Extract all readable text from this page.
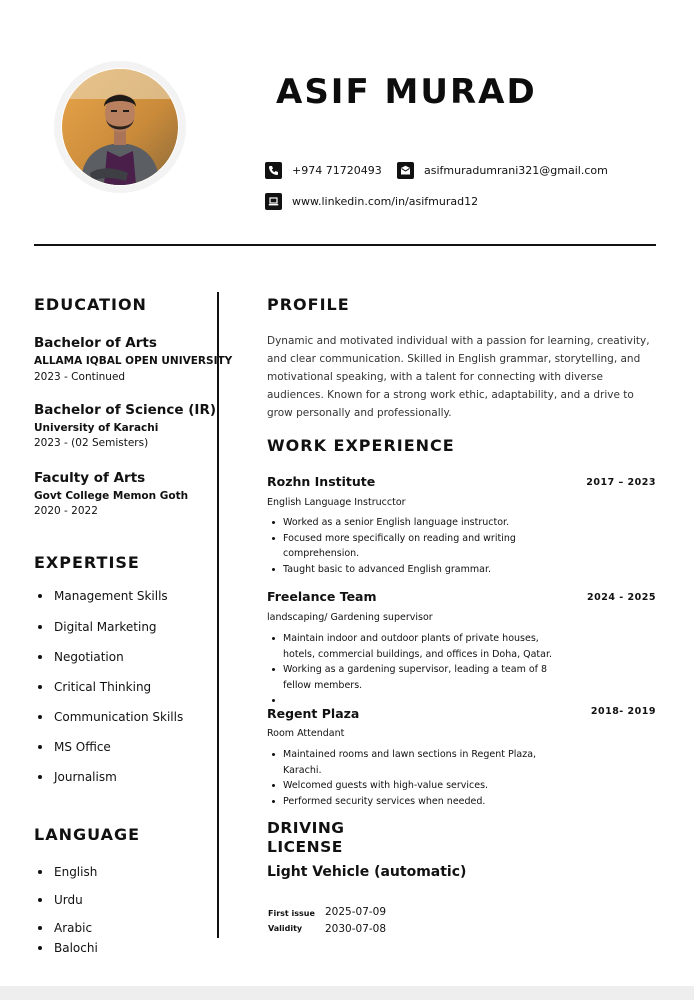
ASIF MURAD
+974 71720493	asifmuradumrani321@gmail.com
www.linkedin.com/in/asifmurad12
EDUCATION
Bachelor of Arts
ALLAMA IQBAL OPEN UNIVERSITY
2023 - Continued
Bachelor of Science (IR)
University of Karachi
2023 - (02 Semisters)
Faculty of Arts
Govt College Memon Goth
2020 - 2022
EXPERTISE
Management Skills
Digital Marketing
Negotiation
Critical Thinking
Communication Skills
MS Office
Journalism
LANGUAGE
English
Urdu
Arabic
Balochi
PROFILE

Dynamic and motivated individual with a passion for learning, creativity, and clear communication. Skilled in English grammar, storytelling, and motivational speaking, with a talent for connecting with diverse audiences. Known for a strong work ethic, adaptability, and a drive to grow personally and professionally.

WORK EXPERIENCE
Rozhn Institute	2017 – 2023
English Language Instrucctor
Worked as a senior English language instructor.
Focused more specifically on reading and writing comprehension.
Taught basic to advanced English grammar.
Freelance Team	2024 - 2025
landscaping/ Gardening supervisor
Maintain indoor and outdoor plants of private houses, hotels, commercial buildings, and offices in Doha, Qatar.
Working as a gardening supervisor, leading a team of 8 fellow members.
Regent Plaza	2018- 2019
Room Attendant
Maintained rooms and lawn sections in Regent Plaza, Karachi.
Welcomed guests with high-value services.
Performed security services when needed.
DRIVING
LICENSE
Light Vehicle (automatic)
First issue 2025-07-09
Validity 2030-07-08
